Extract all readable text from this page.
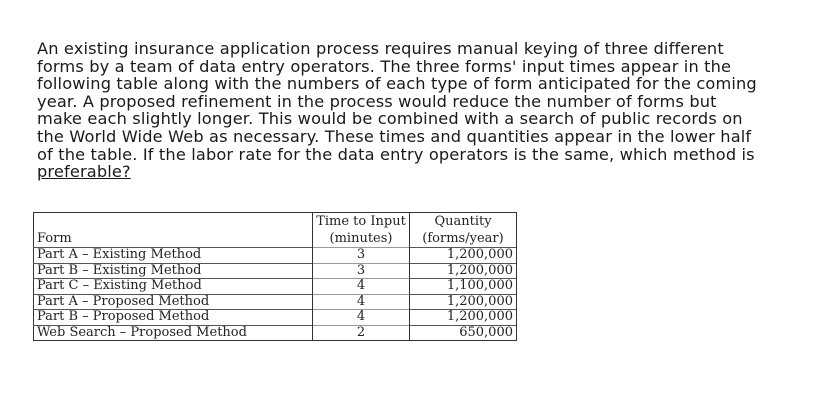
An existing insurance application process requires manual keying of three different
forms by a team of data entry operators. The three forms' input times appear in the
following table along with the numbers of each type of form anticipated for the coming
year. A proposed refinement in the process would reduce the number of forms but
make each slightly longer. This would be combined with a search of public records on
the World Wide Web as necessary. These times and quantities appear in the lower half
of the table. If the labor rate for the data entry operators is the same, which method is
preferable?
	Time to Input	Quantity
Form	(minutes)	(forms/year)
Part A – Existing Method	3	1,200,000
Part B – Existing Method	3	1,200,000
Part C – Existing Method	4	1,100,000
Part A – Proposed Method	4	1,200,000
Part B – Proposed Method	4	1,200,000
Web Search – Proposed Method	2	650,000
